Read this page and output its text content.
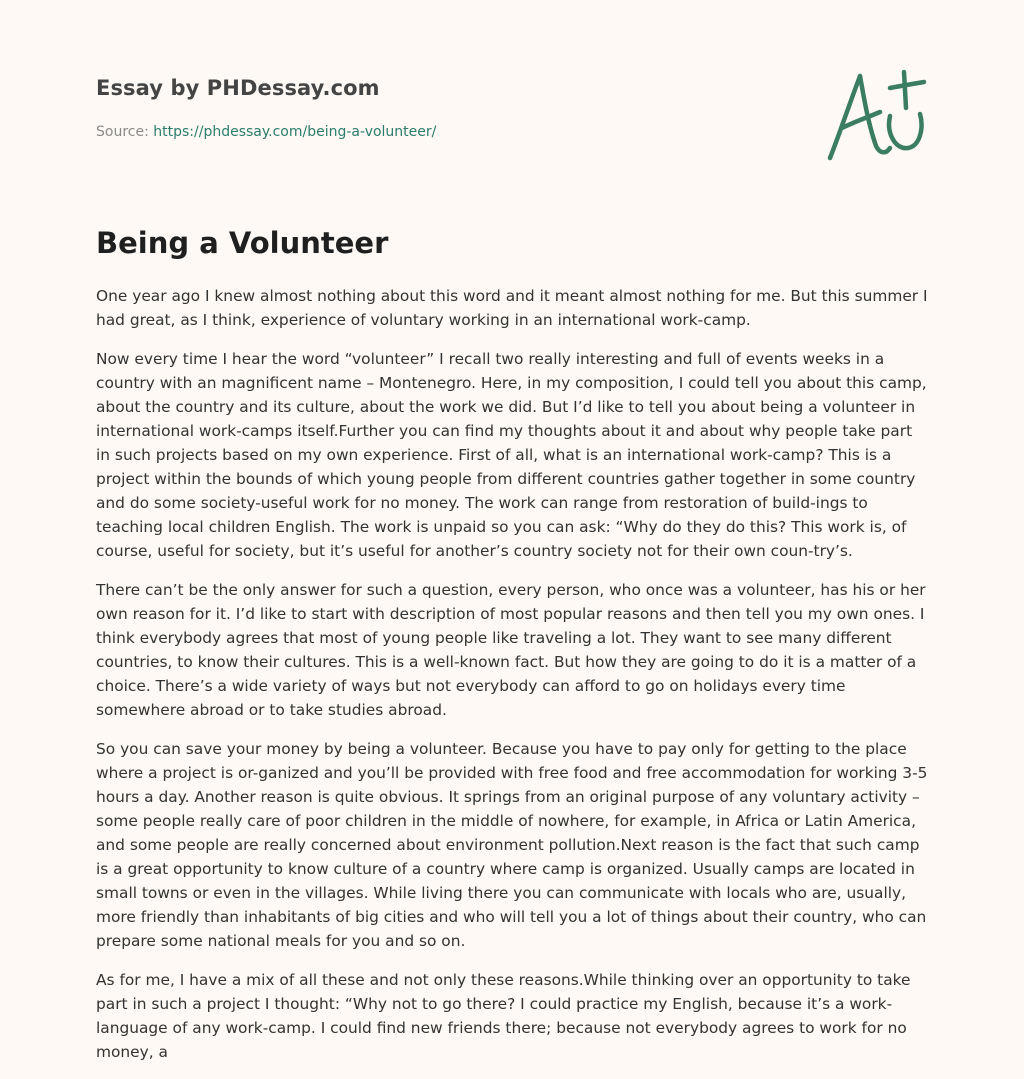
Essay by PHDessay.com
Source: https://phdessay.com/being-a-volunteer/
Being a Volunteer

One year ago I knew almost nothing about this word and it meant almost nothing for me. But this summer I had great, as I think, experience of voluntary working in an international work-camp.

Now every time I hear the word “volunteer” I recall two really interesting and full of events weeks in a country with an magnificent name – Montenegro. Here, in my composition, I could tell you about this camp, about the country and its culture, about the work we did. But I’d like to tell you about being a volunteer in international work-camps itself.Further you can find my thoughts about it and about why people take part in such projects based on my own experience. First of all, what is an international work-camp? This is a project within the bounds of which young people from different countries gather together in some country and do some society-useful work for no money. The work can range from restoration of build-ings to teaching local children English. The work is unpaid so you can ask: “Why do they do this? This work is, of course, useful for society, but it’s useful for another’s country society not for their own coun-try’s.

There can’t be the only answer for such a question, every person, who once was a volunteer, has his or her own reason for it. I’d like to start with description of most popular reasons and then tell you my own ones. I think everybody agrees that most of young people like traveling a lot. They want to see many different countries, to know their cultures. This is a well-known fact. But how they are going to do it is a matter of a choice. There’s a wide variety of ways but not everybody can afford to go on holidays every time somewhere abroad or to take studies abroad.

So you can save your money by being a volunteer. Because you have to pay only for getting to the place where a project is or-ganized and you’ll be provided with free food and free accommodation for working 3-5 hours a day. Another reason is quite obvious. It springs from an original purpose of any voluntary activity – some people really care of poor children in the middle of nowhere, for example, in Africa or Latin America, and some people are really concerned about environment pollution.Next reason is the fact that such camp is a great opportunity to know culture of a country where camp is organized. Usually camps are located in small towns or even in the villages. While living there you can communicate with locals who are, usually, more friendly than inhabitants of big cities and who will tell you a lot of things about their country, who can prepare some national meals for you and so on.

As for me, I have a mix of all these and not only these reasons.While thinking over an opportunity to take part in such a project I thought: “Why not to go there? I could practice my English, because it’s a work-language of any work-camp. I could find new friends there; because not everybody agrees to work for no money, a
